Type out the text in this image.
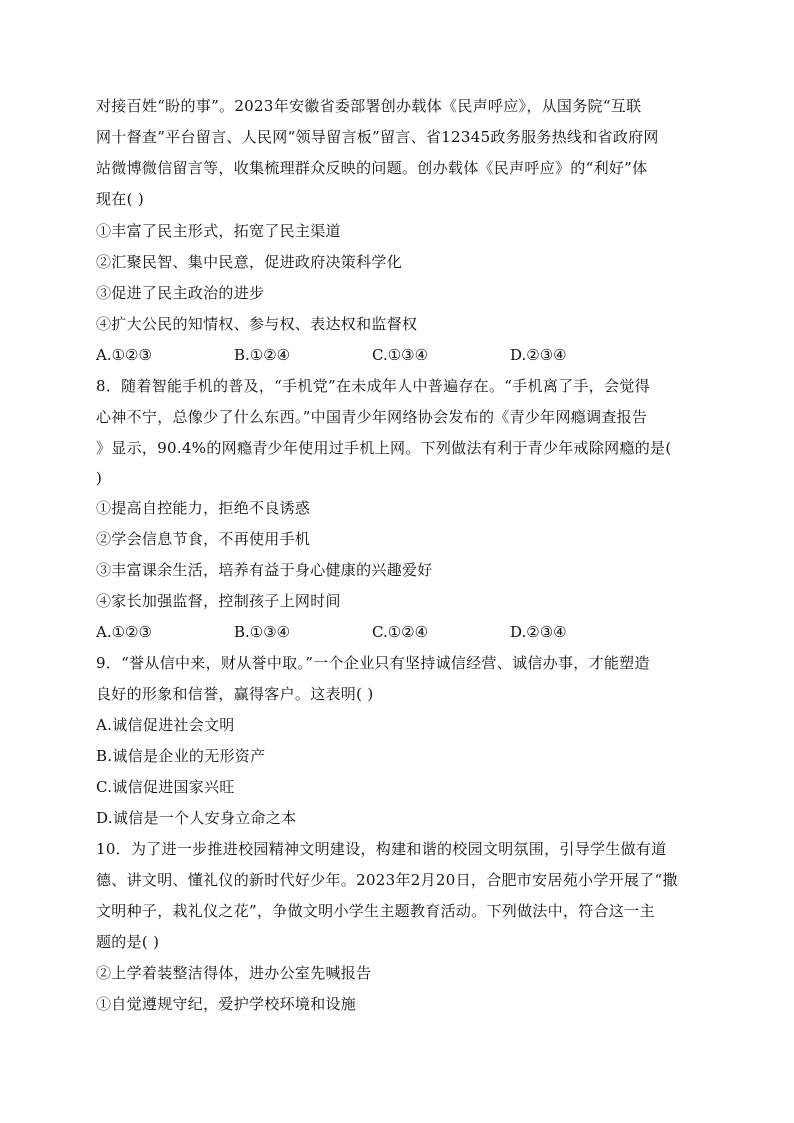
对接百姓“盼的事”。2023年安徽省委部署创办载体《民声呼应》，从国务院“互联
网十督查”平台留言、人民网“领导留言板”留言、省12345政务服务热线和省政府网
站微博微信留言等，收集梳理群众反映的问题。创办载体《民声呼应》的“利好”体
现在( )
①丰富了民主形式，拓宽了民主渠道
②汇聚民智、集中民意，促进政府决策科学化
③促进了民主政治的进步
④扩大公民的知情权、参与权、表达权和监督权
A.①②③	B.①②④	C.①③④	D.②③④
8．随着智能手机的普及，“手机党”在未成年人中普遍存在。“手机离了手，会觉得
心神不宁，总像少了什么东西。”中国青少年网络协会发布的《青少年网瘾调查报告
》显示，90.4%的网瘾青少年使用过手机上网。下列做法有利于青少年戒除网瘾的是(
)
①提高自控能力，拒绝不良诱惑
②学会信息节食，不再使用手机
③丰富课余生活，培养有益于身心健康的兴趣爱好
④家长加强监督，控制孩子上网时间
A.①②③	B.①③④	C.①②④	D.②③④
9．“誉从信中来，财从誉中取。”一个企业只有坚持诚信经营、诚信办事，才能塑造
良好的形象和信誉，赢得客户。这表明( )
A.诚信促进社会文明
B.诚信是企业的无形资产
C.诚信促进国家兴旺
D.诚信是一个人安身立命之本
10．为了进一步推进校园精神文明建设，构建和谐的校园文明氛围，引导学生做有道
德、讲文明、懂礼仪的新时代好少年。2023年2月20日，合肥市安居苑小学开展了“撒
文明种子，栽礼仪之花”，争做文明小学生主题教育活动。下列做法中，符合这一主
题的是( )
②上学着装整洁得体，进办公室先喊报告
①自觉遵规守纪，爱护学校环境和设施
